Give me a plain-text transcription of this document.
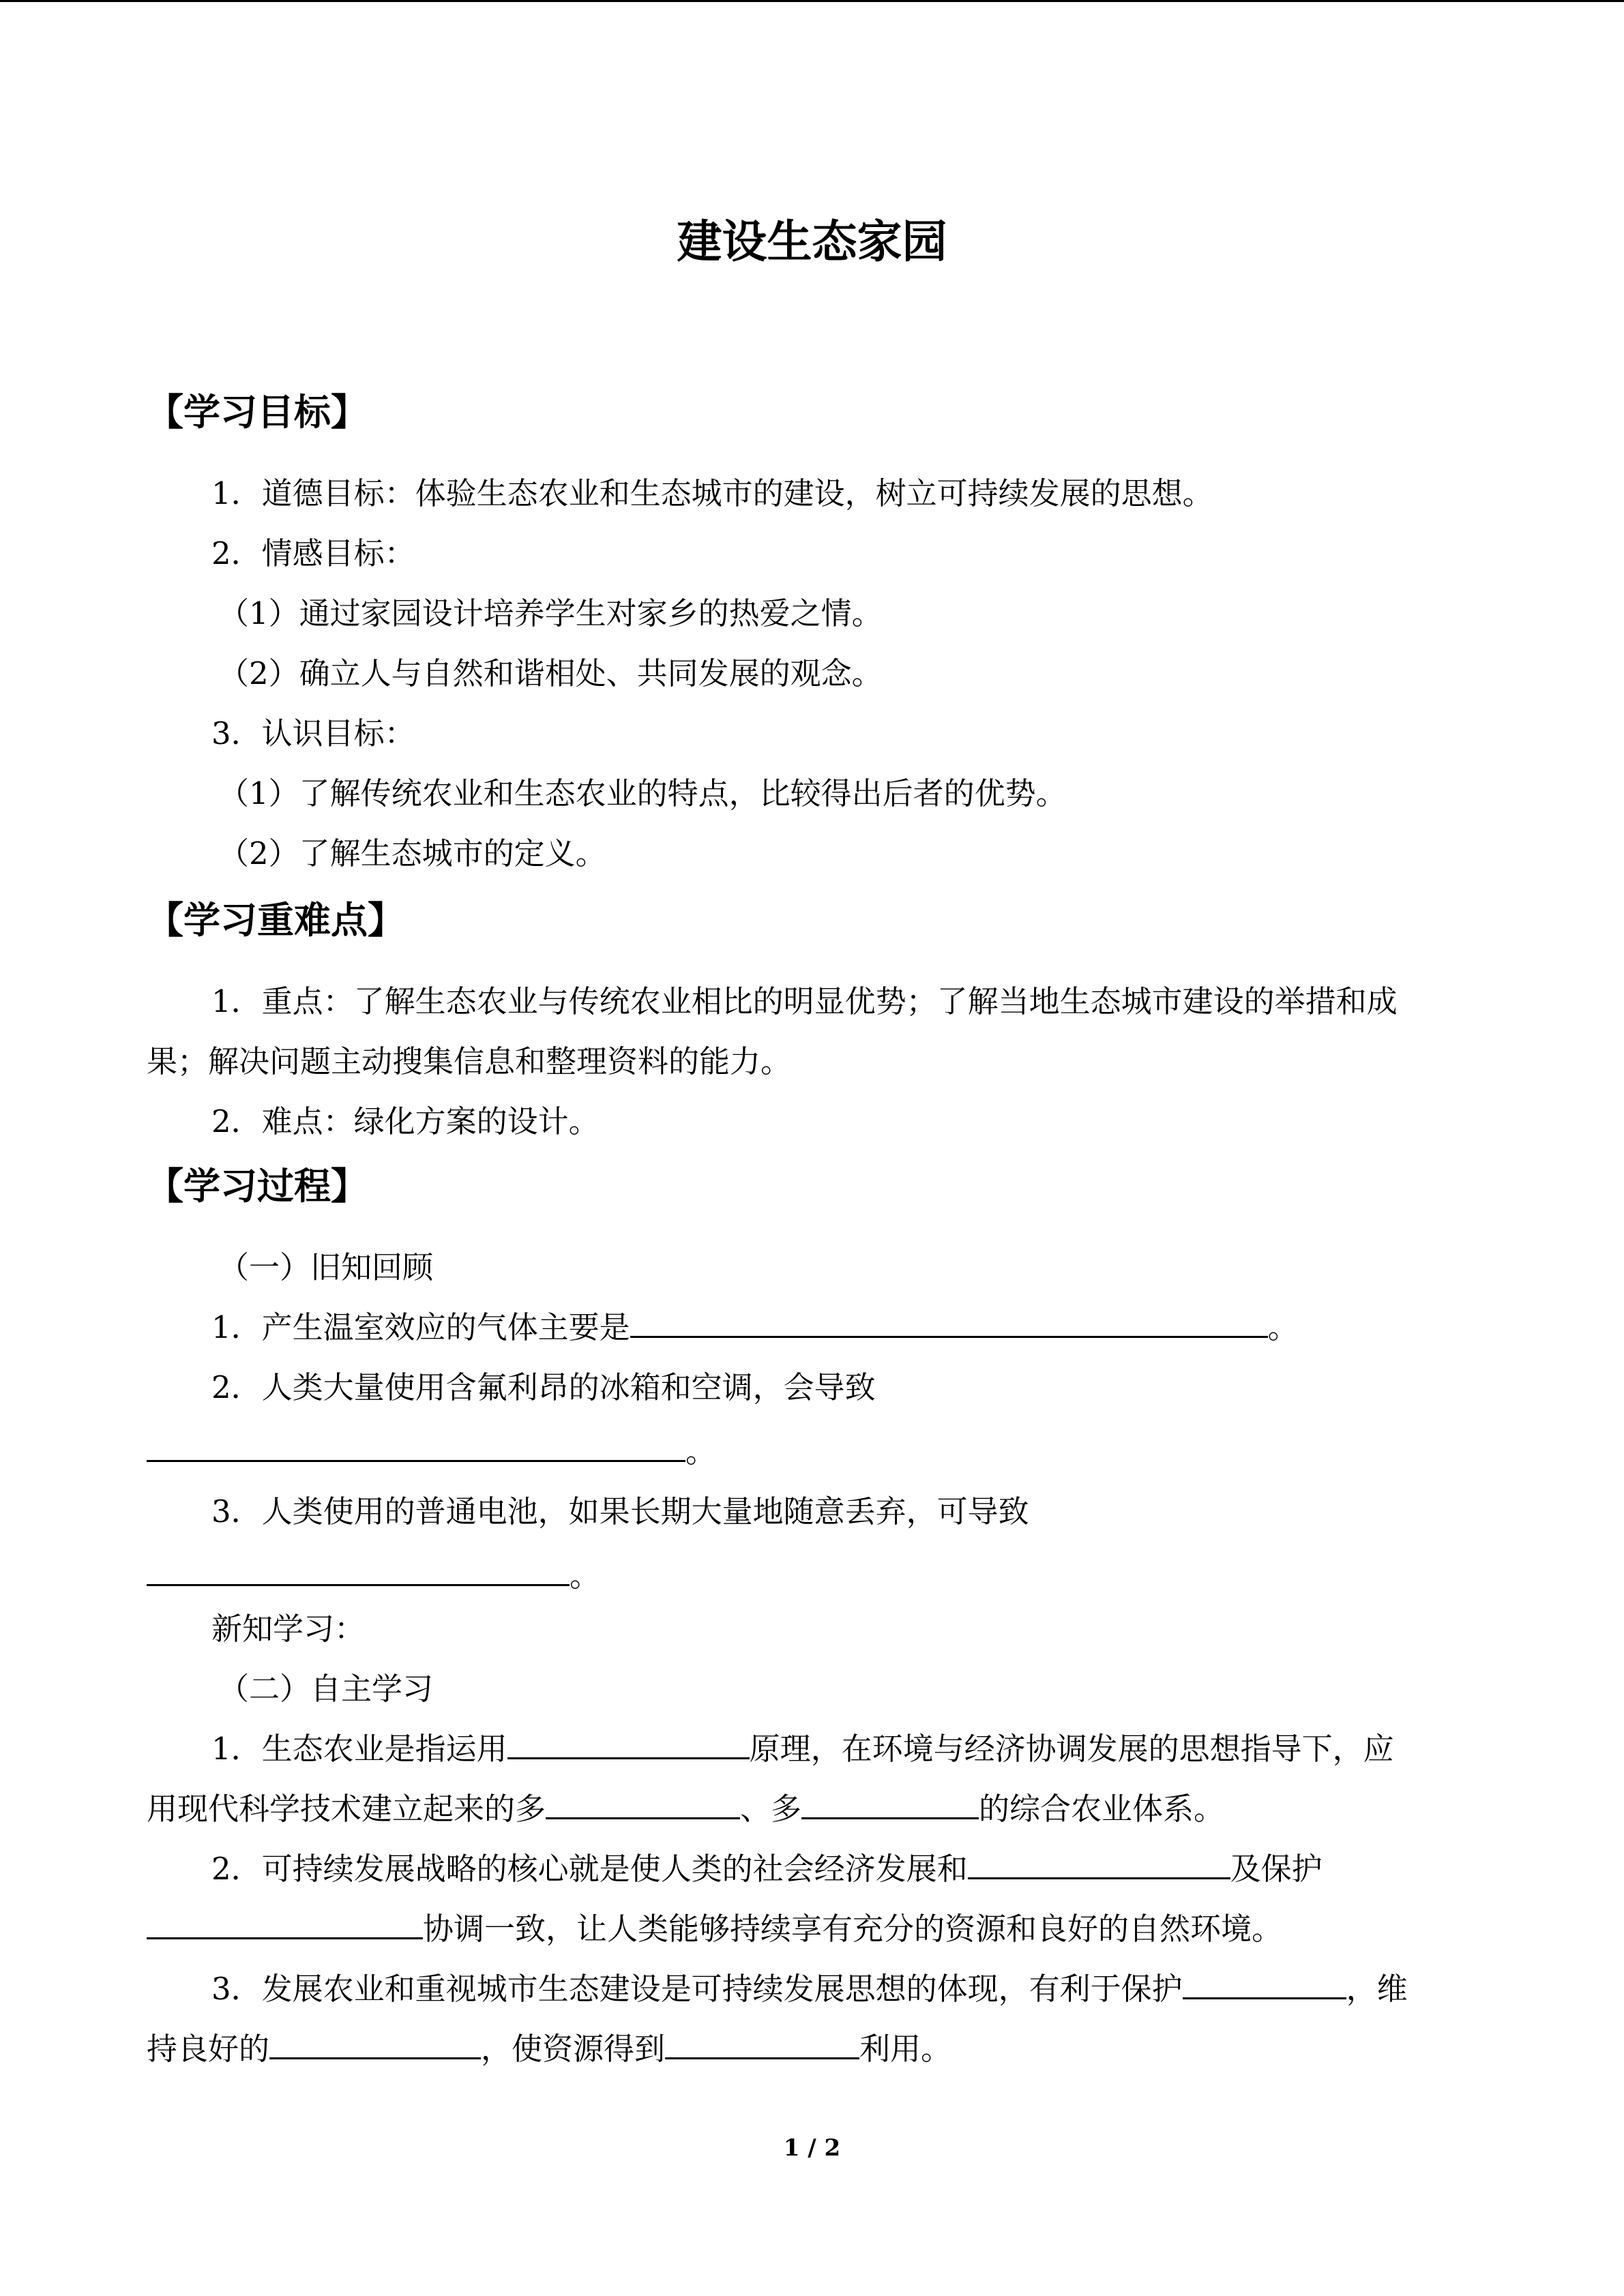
建设生态家园
【学习目标】
1．道德目标：体验生态农业和生态城市的建设，树立可持续发展的思想。
2．情感目标：
（1）通过家园设计培养学生对家乡的热爱之情。
（2）确立人与自然和谐相处、共同发展的观念。
3．认识目标：
（1）了解传统农业和生态农业的特点，比较得出后者的优势。
（2）了解生态城市的定义。
【学习重难点】
1．重点：了解生态农业与传统农业相比的明显优势；了解当地生态城市建设的举措和成
果；解决问题主动搜集信息和整理资料的能力。
2．难点：绿化方案的设计。
【学习过程】
（一）旧知回顾
1．产生温室效应的气体主要是	。
2．人类大量使用含氟利昂的冰箱和空调，会导致
。
3．人类使用的普通电池，如果长期大量地随意丢弃，可导致
。
新知学习：
（二）自主学习
1．生态农业是指运用	原理，在环境与经济协调发展的思想指导下，应
用现代科学技术建立起来的多	、多	的综合农业体系。
2．可持续发展战略的核心就是使人类的社会经济发展和	及保护
协调一致，让人类能够持续享有充分的资源和良好的自然环境。
3．发展农业和重视城市生态建设是可持续发展思想的体现，有利于保护	，维
持良好的	，使资源得到	利用。
1 / 2
